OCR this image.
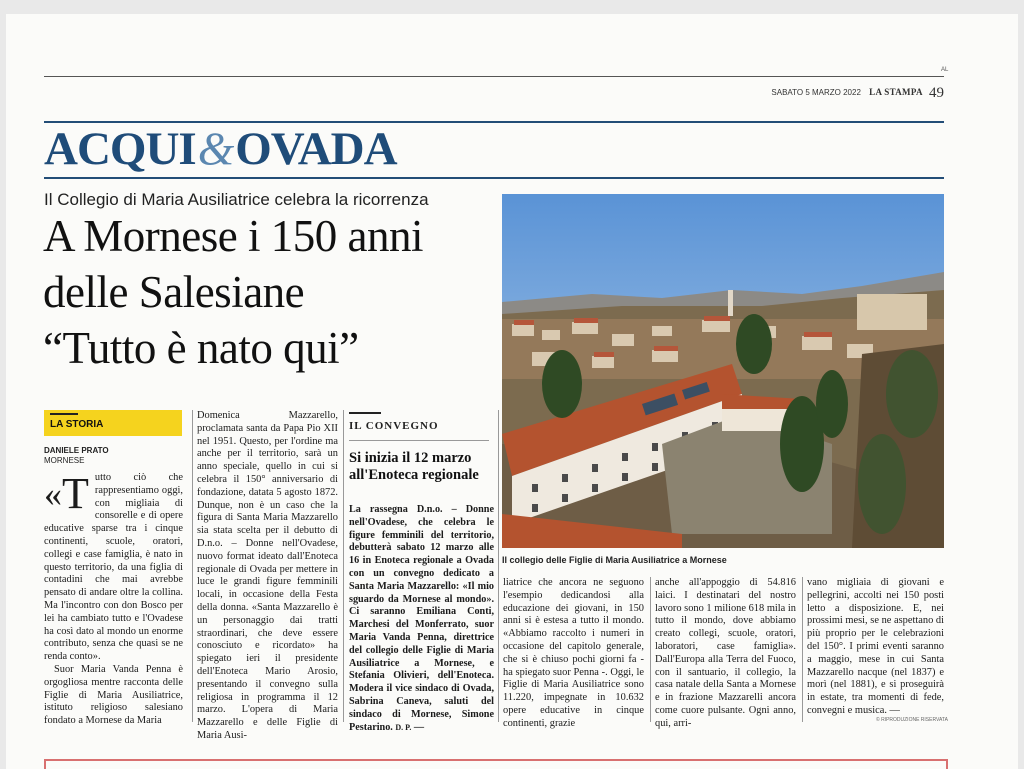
AL
SABATO 5 MARZO 2022 LA STAMPA 49
ACQUI&OVADA
Il Collegio di Maria Ausiliatrice celebra la ricorrenza
A Mornese i 150 anni
delle Salesiane
“Tutto è nato qui”
Il collegio delle Figlie di Maria Ausiliatrice a Mornese
LA STORIA
DANIELE PRATO
MORNESE

«T utto ciò che rappresentiamo oggi, con migliaia di consorelle e di opere educative sparse tra i cinque continenti, scuole, oratori, collegi e case famiglia, è nato in questo territorio, da una figlia di contadini che mai avrebbe pensato di andare oltre la collina. Ma l'incontro con don Bosco per lei ha cambiato tutto e l'Ovadese ha così dato al mondo un enorme contributo, senza che quasi se ne renda conto».

Suor Maria Vanda Penna è orgogliosa mentre racconta delle Figlie di Maria Ausiliatrice, istituto religioso salesiano fondato a Mornese da Maria

Domenica Mazzarello, proclamata santa da Papa Pio XII nel 1951. Questo, per l'ordine ma anche per il territorio, sarà un anno speciale, quello in cui si celebra il 150° anniversario di fondazione, datata 5 agosto 1872. Dunque, non è un caso che la figura di Santa Maria Mazzarello sia stata scelta per il debutto di D.n.o. – Donne nell'Ovadese, nuovo format ideato dall'Enoteca regionale di Ovada per mettere in luce le grandi figure femminili locali, in occasione della Festa della donna. «Santa Mazzarello è un personaggio dai tratti straordinari, che deve essere conosciuto e ricordato» ha spiegato ieri il presidente dell'Enoteca Mario Arosio, presentando il convegno sulla religiosa in programma il 12 marzo. L'opera di Maria Mazzarello e delle Figlie di Maria Ausi-
IL CONVEGNO
Si inizia il 12 marzo all'Enoteca regionale
La rassegna D.n.o. – Donne nell'Ovadese, che celebra le figure femminili del territorio, debutterà sabato 12 marzo alle 16 in Enoteca regionale a Ovada con un convegno dedicato a Santa Maria Mazzarello: «Il mio sguardo da Mornese al mondo». Ci saranno Emiliana Conti, Marchesi del Monferrato, suor Maria Vanda Penna, direttrice del collegio delle Figlie di Maria Ausiliatrice a Mornese, e Stefania Olivieri, dell'Enoteca. Modera il vice sindaco di Ovada, Sabrina Caneva, saluti del sindaco di Mornese, Simone Pestarino. D. P. —
liatrice che ancora ne seguono l'esempio dedicandosi alla educazione dei giovani, in 150 anni si è estesa a tutto il mondo. «Abbiamo raccolto i numeri in occasione del capitolo generale, che si è chiuso pochi giorni fa - ha spiegato suor Penna -. Oggi, le Figlie di Maria Ausiliatrice sono 11.220, impegnate in 10.632 opere educative in cinque continenti, grazie
anche all'appoggio di 54.816 laici. I destinatari del nostro lavoro sono 1 milione 618 mila in tutto il mondo, dove abbiamo creato collegi, scuole, oratori, laboratori, case famiglia». Dall'Europa alla Terra del Fuoco, con il santuario, il collegio, la casa natale della Santa a Mornese e in frazione Mazzarelli ancora come cuore pulsante. Ogni anno, qui, arri-
vano migliaia di giovani e pellegrini, accolti nei 150 posti letto a disposizione. E, nei prossimi mesi, se ne aspettano di più proprio per le celebrazioni del 150°. I primi eventi saranno a maggio, mese in cui Santa Mazzarello nacque (nel 1837) e morì (nel 1881), e si proseguirà in estate, tra momenti di fede, convegni e musica. —
© RIPRODUZIONE RISERVATA
